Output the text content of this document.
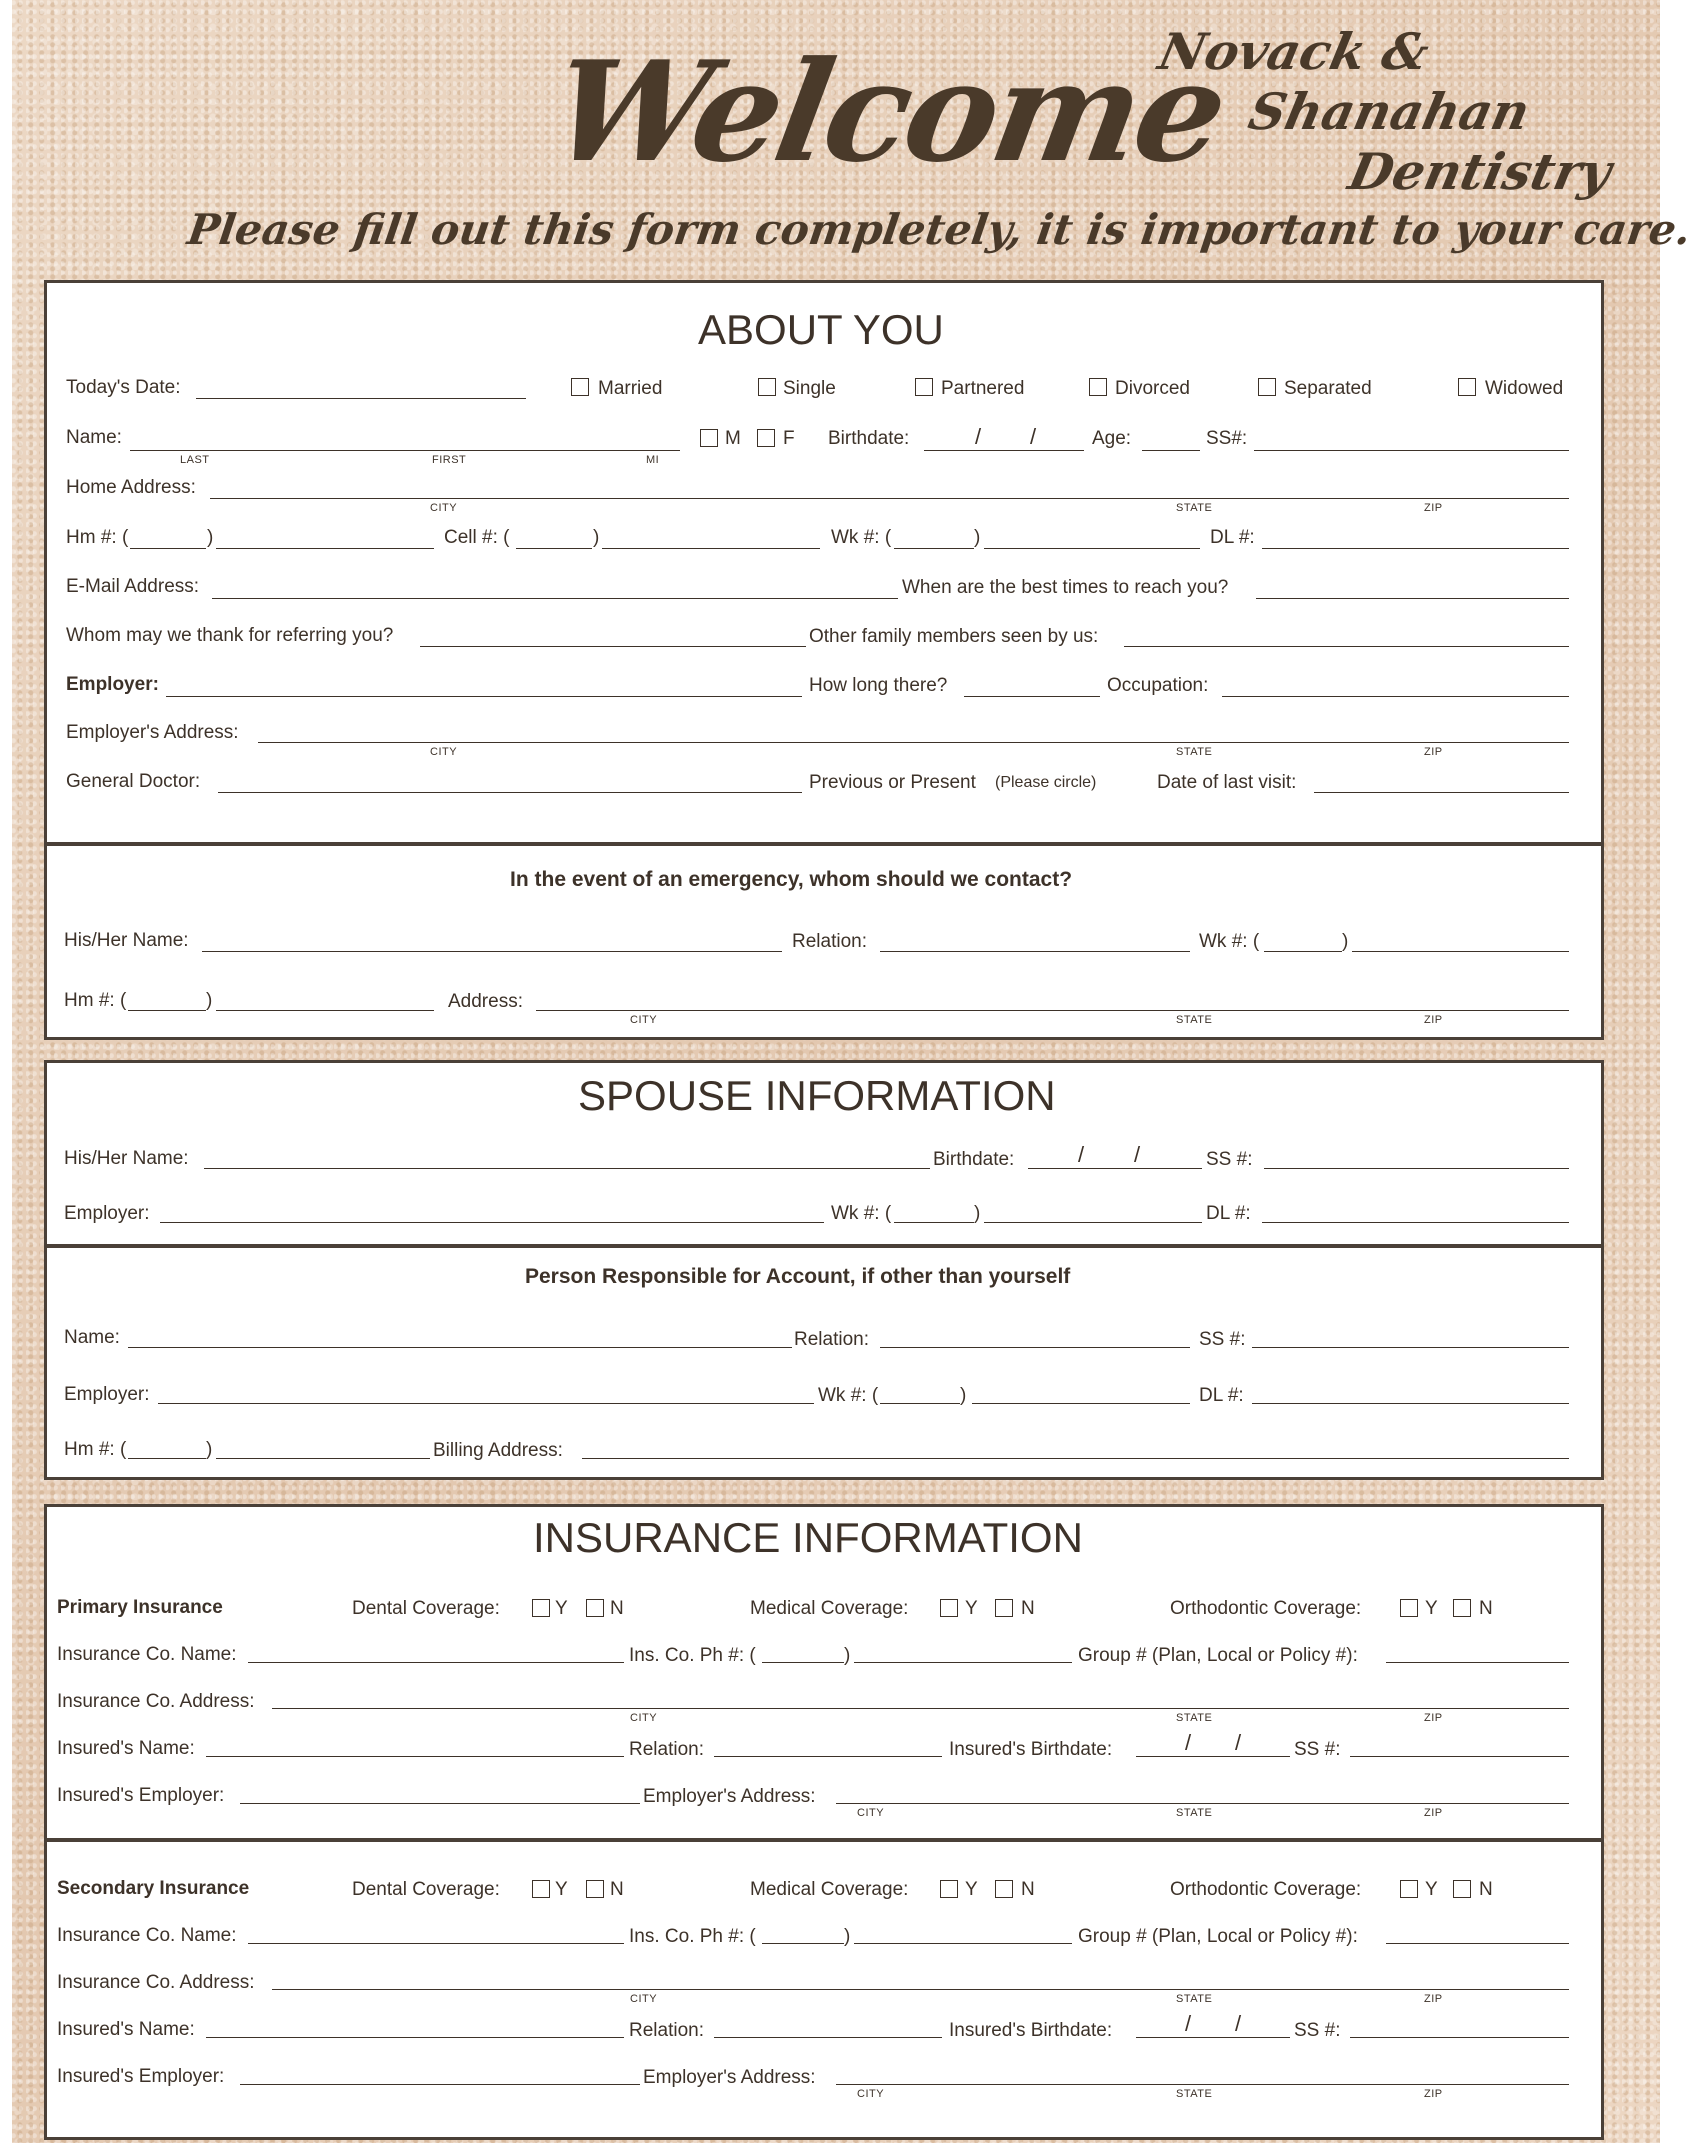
Welcome
Novack &
Shanahan
Dentistry
Please fill out this form completely, it is important to your care.
ABOUT YOU
Today's Date:	Married	Single	Partnered	Divorced	Separated	Widowed
Name:
LAST	FIRST	MI
M F Birthdate:	/ /	Age:	SS#:
Home Address:
CITY	STATE	ZIP
Hm #: (	)	Cell #: (	)	Wk #: (	)	DL #:
E-Mail Address:	When are the best times to reach you?
Whom may we thank for referring you?	Other family members seen by us:
Employer:	How long there?	Occupation:
Employer's Address:
CITY	STATE	ZIP
General Doctor:	Previous or Present (Please circle)	Date of last visit:
In the event of an emergency, whom should we contact?
His/Her Name:	Relation:	Wk #: (	)
Hm #: (	)	Address:
CITY	STATE	ZIP
SPOUSE INFORMATION
His/Her Name:	Birthdate:	/ /	SS #:
Employer:	Wk #: (	)	DL #:
Person Responsible for Account, if other than yourself
Name:	Relation:	SS #:
Employer:	Wk #: (	)	DL #:
Hm #: (	)	Billing Address:
INSURANCE INFORMATION
Primary Insurance	Dental Coverage:	Y N	Medical Coverage:	Y N	Orthodontic Coverage:	Y N
Insurance Co. Name:	Ins. Co. Ph #: (	)	Group # (Plan, Local or Policy #):
Insurance Co. Address:
CITY	STATE	ZIP
Insured's Name:	Relation:	Insured's Birthdate:	/ /	SS #:
Insured's Employer:	Employer's Address:
CITY	STATE	ZIP
Secondary Insurance	Dental Coverage:	Y N	Medical Coverage:	Y N	Orthodontic Coverage:	Y N
Insurance Co. Name:	Ins. Co. Ph #: (	)	Group # (Plan, Local or Policy #):
Insurance Co. Address:
CITY	STATE	ZIP
Insured's Name:	Relation:	Insured's Birthdate:	/ /	SS #:
Insured's Employer:	Employer's Address:
CITY	STATE	ZIP
